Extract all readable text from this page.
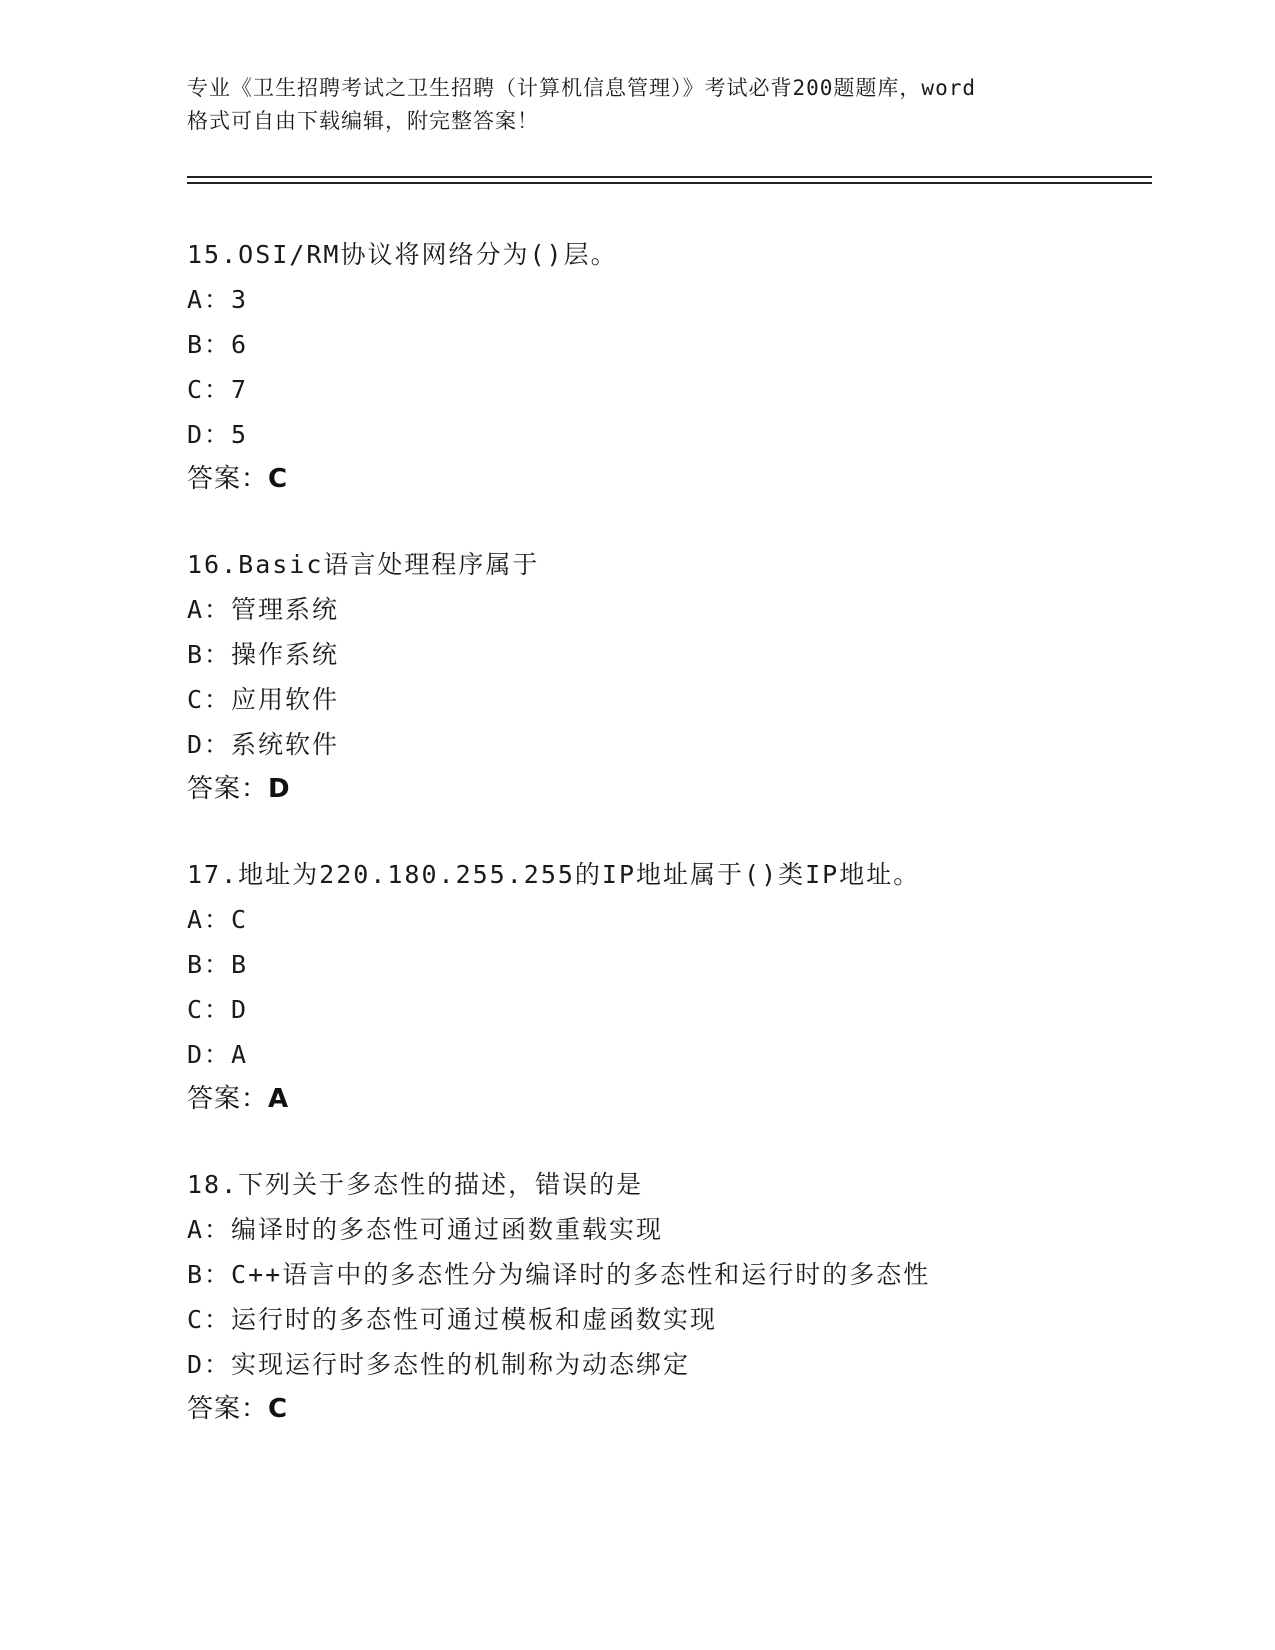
专业《卫生招聘考试之卫生招聘（计算机信息管理）》考试必背200题题库，word
格式可自由下载编辑，附完整答案！
15.OSI/RM协议将网络分为()层。
A：3
B：6
C：7
D：5
答案：C
16.Basic语言处理程序属于
A：管理系统
B：操作系统
C：应用软件
D：系统软件
答案：D
17.地址为220.180.255.255的IP地址属于()类IP地址。
A：C
B：B
C：D
D：A
答案：A
18.下列关于多态性的描述，错误的是
A：编译时的多态性可通过函数重载实现
B：C++语言中的多态性分为编译时的多态性和运行时的多态性
C：运行时的多态性可通过模板和虚函数实现
D：实现运行时多态性的机制称为动态绑定
答案：C
